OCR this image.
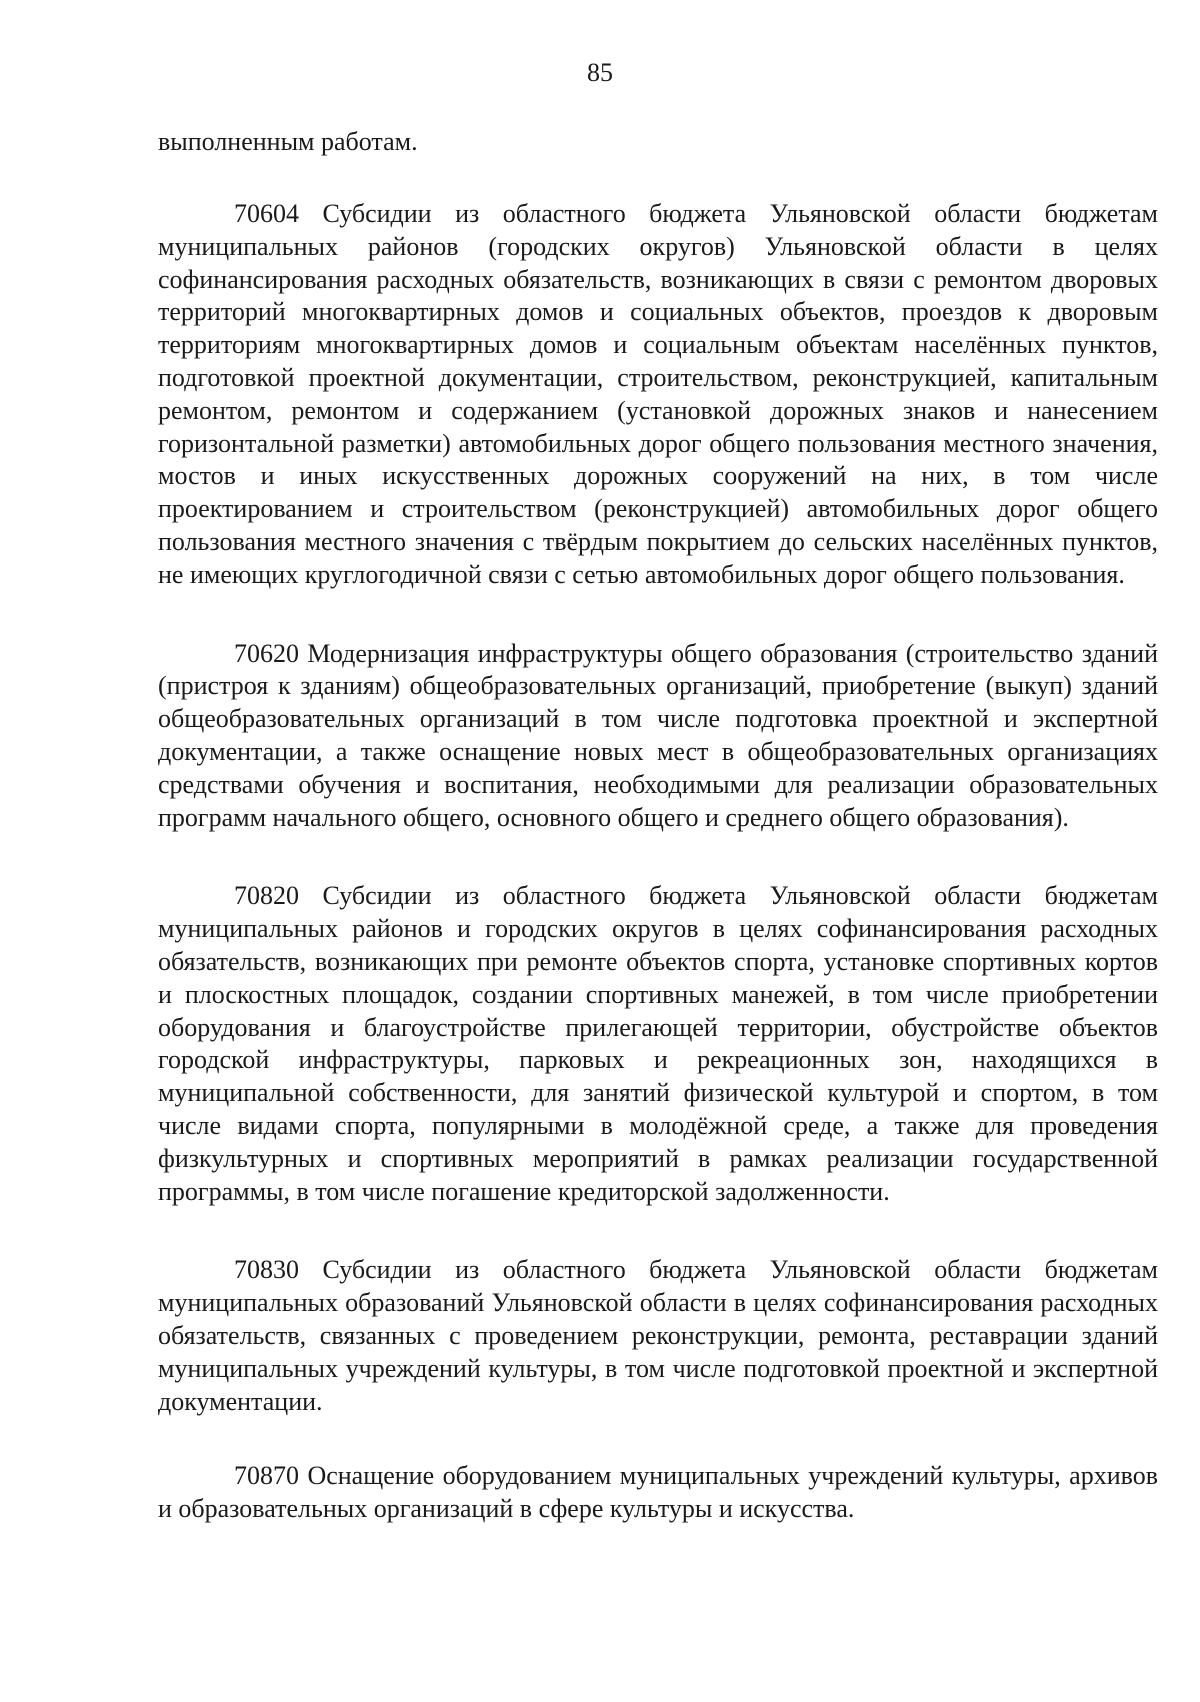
85

выполненным работам.

70604 Субсидии из областного бюджета Ульяновской области бюджетам муниципальных районов (городских округов) Ульяновской области в целях софинансирования расходных обязательств, возникающих в связи с ремонтом дворовых территорий многоквартирных домов и социальных объектов, проездов к дворовым территориям многоквартирных домов и социальным объектам населённых пунктов, подготовкой проектной документации, строительством, реконструкцией, капитальным ремонтом, ремонтом и содержанием (установкой дорожных знаков и нанесением горизонтальной разметки) автомобильных дорог общего пользования местного значения, мостов и иных искусственных дорожных сооружений на них, в том числе проектированием и строительством (реконструкцией) автомобильных дорог общего пользования местного значения с твёрдым покрытием до сельских населённых пунктов, не имеющих круглогодичной связи с сетью автомобильных дорог общего пользования.

70620 Модернизация инфраструктуры общего образования (строительство зданий (пристроя к зданиям) общеобразовательных организаций, приобретение (выкуп) зданий общеобразовательных организаций в том числе подготовка проектной и экспертной документации, а также оснащение новых мест в общеобразовательных организациях средствами обучения и воспитания, необходимыми для реализации образовательных программ начального общего, основного общего и среднего общего образования).

70820 Субсидии из областного бюджета Ульяновской области бюджетам муниципальных районов и городских округов в целях софинансирования расходных обязательств, возникающих при ремонте объектов спорта, установке спортивных кортов и плоскостных площадок, создании спортивных манежей, в том числе приобретении оборудования и благоустройстве прилегающей территории, обустройстве объектов городской инфраструктуры, парковых и рекреационных зон, находящихся в муниципальной собственности, для занятий физической культурой и спортом, в том числе видами спорта, популярными в молодёжной среде, а также для проведения физкультурных и спортивных мероприятий в рамках реализации государственной программы, в том числе погашение кредиторской задолженности.

70830 Субсидии из областного бюджета Ульяновской области бюджетам муниципальных образований Ульяновской области в целях софинансирования расходных обязательств, связанных с проведением реконструкции, ремонта, реставрации зданий муниципальных учреждений культуры, в том числе подготовкой проектной и экспертной документации.

70870 Оснащение оборудованием муниципальных учреждений культуры, архивов и образовательных организаций в сфере культуры и искусства.
